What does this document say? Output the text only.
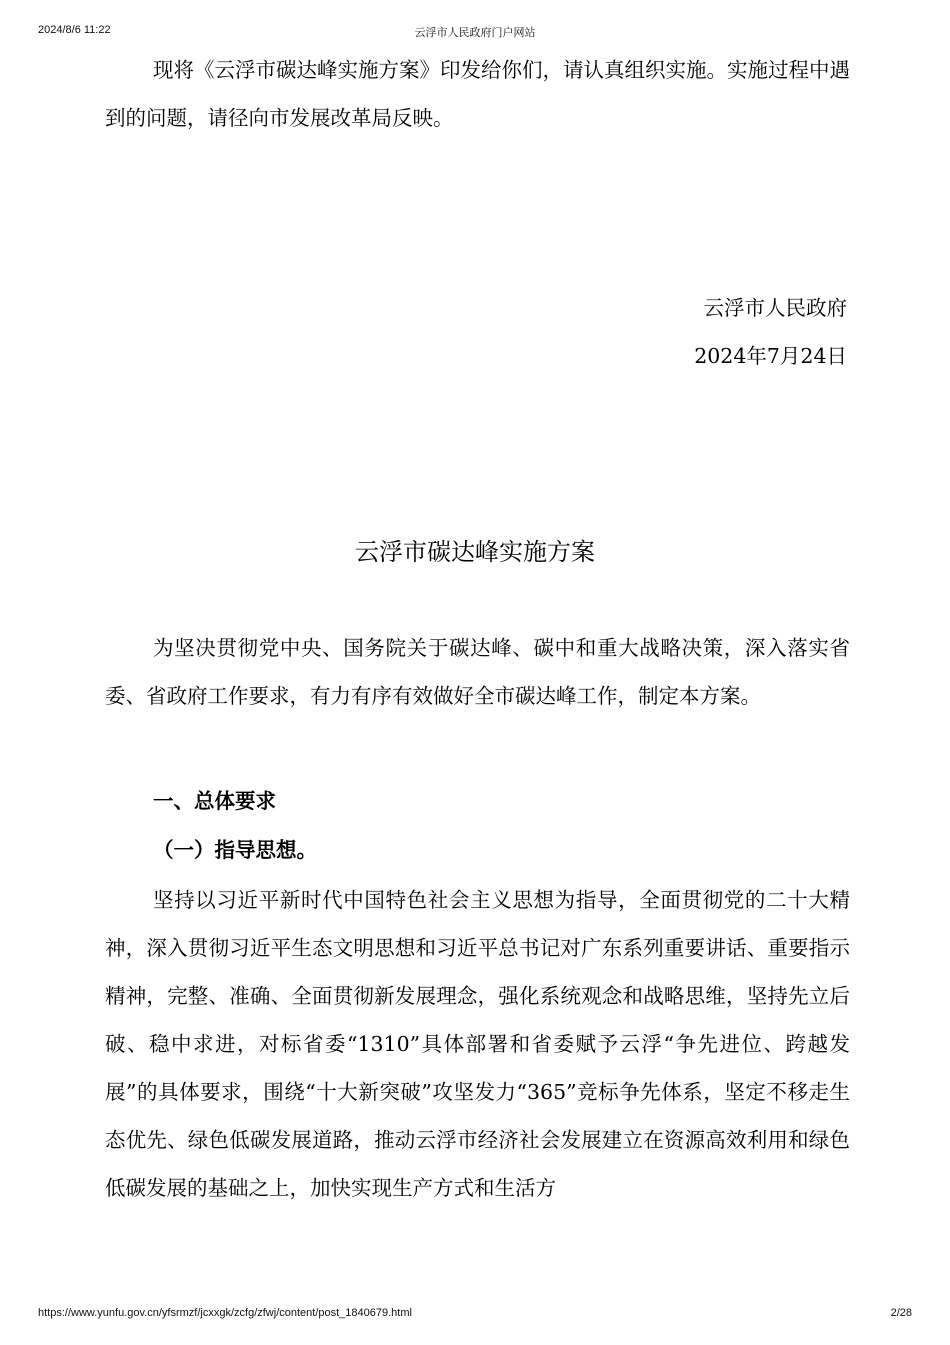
2024/8/6 11:22	云浮市人民政府门户网站

现将《云浮市碳达峰实施方案》印发给你们，请认真组织实施。实施过程中遇到的问题，请径向市发展改革局反映。

云浮市人民政府

2024年7月24日

云浮市碳达峰实施方案

为坚决贯彻党中央、国务院关于碳达峰、碳中和重大战略决策，深入落实省委、省政府工作要求，有力有序有效做好全市碳达峰工作，制定本方案。

一、总体要求
（一）指导思想。

坚持以习近平新时代中国特色社会主义思想为指导，全面贯彻党的二十大精神，深入贯彻习近平生态文明思想和习近平总书记对广东系列重要讲话、重要指示精神，完整、准确、全面贯彻新发展理念，强化系统观念和战略思维，坚持先立后破、稳中求进，对标省委“1310”具体部署和省委赋予云浮“争先进位、跨越发展”的具体要求，围绕“十大新突破”攻坚发力“365”竞标争先体系，坚定不移走生态优先、绿色低碳发展道路，推动云浮市经济社会发展建立在资源高效利用和绿色低碳发展的基础之上，加快实现生产方式和生活方

https://www.yunfu.gov.cn/yfsrmzf/jcxxgk/zcfg/zfwj/content/post_1840679.html	2/28
